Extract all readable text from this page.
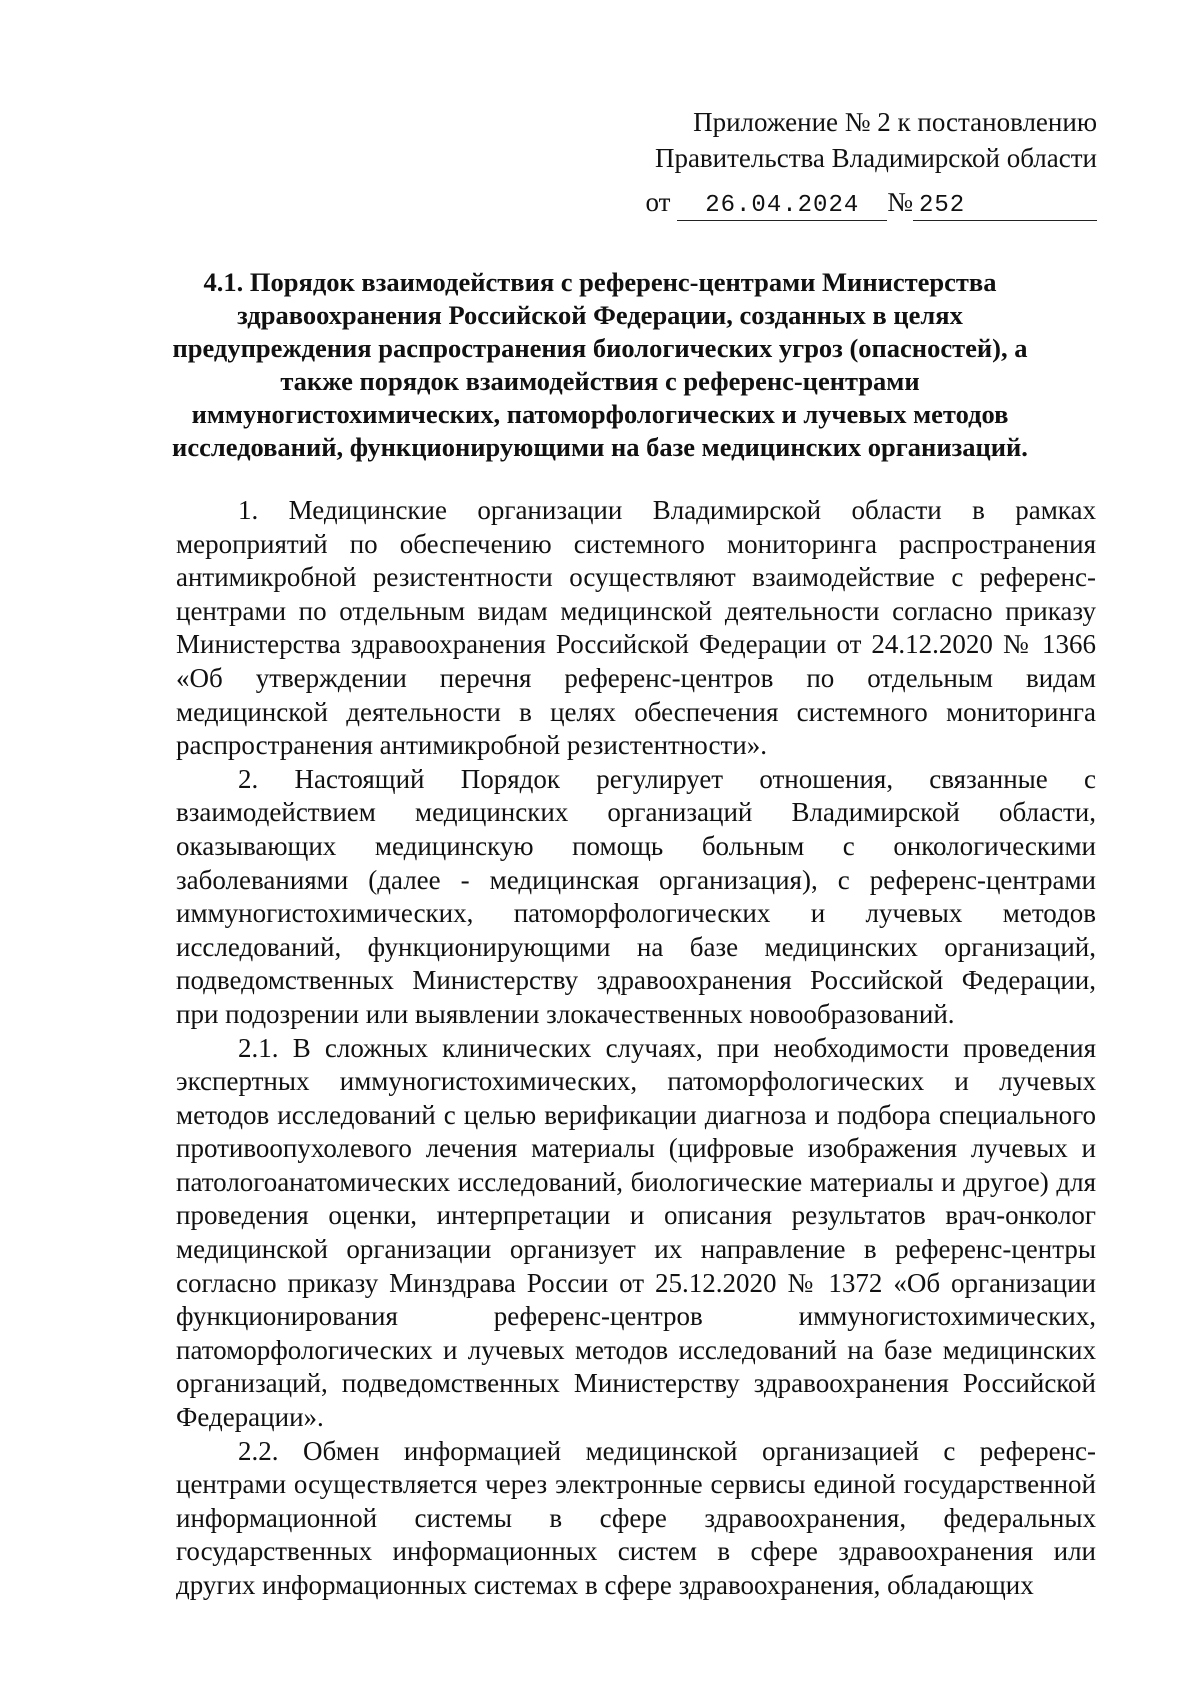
Приложение № 2 к постановлению
Правительства Владимирской области
от 26.04.2024 № 252
4.1. Порядок взаимодействия с референс-центрами Министерства
здравоохранения Российской Федерации, созданных в целях
предупреждения распространения биологических угроз (опасностей), а
также порядок взаимодействия с референс-центрами
иммуногистохимических, патоморфологических и лучевых методов
исследований, функционирующими на базе медицинских организаций.

1. Медицинские организации Владимирской области в рамках мероприятий по обеспечению системного мониторинга распространения антимикробной резистентности осуществляют взаимодействие с референс-центрами по отдельным видам медицинской деятельности согласно приказу Министерства здравоохранения Российской Федерации от 24.12.2020 № 1366 «Об утверждении перечня референс-центров по отдельным видам медицинской деятельности в целях обеспечения системного мониторинга распространения антимикробной резистентности».

2. Настоящий Порядок регулирует отношения, связанные с взаимодействием медицинских организаций Владимирской области, оказывающих медицинскую помощь больным с онкологическими заболеваниями (далее - медицинская организация), с референс-центрами иммуногистохимических, патоморфологических и лучевых методов исследований, функционирующими на базе медицинских организаций, подведомственных Министерству здравоохранения Российской Федерации, при подозрении или выявлении злокачественных новообразований.

2.1. В сложных клинических случаях, при необходимости проведения экспертных иммуногистохимических, патоморфологических и лучевых методов исследований с целью верификации диагноза и подбора специального противоопухолевого лечения материалы (цифровые изображения лучевых и патологоанатомических исследований, биологические материалы и другое) для проведения оценки, интерпретации и описания результатов врач-онколог медицинской организации организует их направление в референс-центры согласно приказу Минздрава России от 25.12.2020 № 1372 «Об организации функционирования референс-центров иммуногистохимических, патоморфологических и лучевых методов исследований на базе медицинских организаций, подведомственных Министерству здравоохранения Российской Федерации».

2.2. Обмен информацией медицинской организацией с референс-центрами осуществляется через электронные сервисы единой государственной информационной системы в сфере здравоохранения, федеральных государственных информационных систем в сфере здравоохранения или других информационных системах в сфере здравоохранения, обладающих
